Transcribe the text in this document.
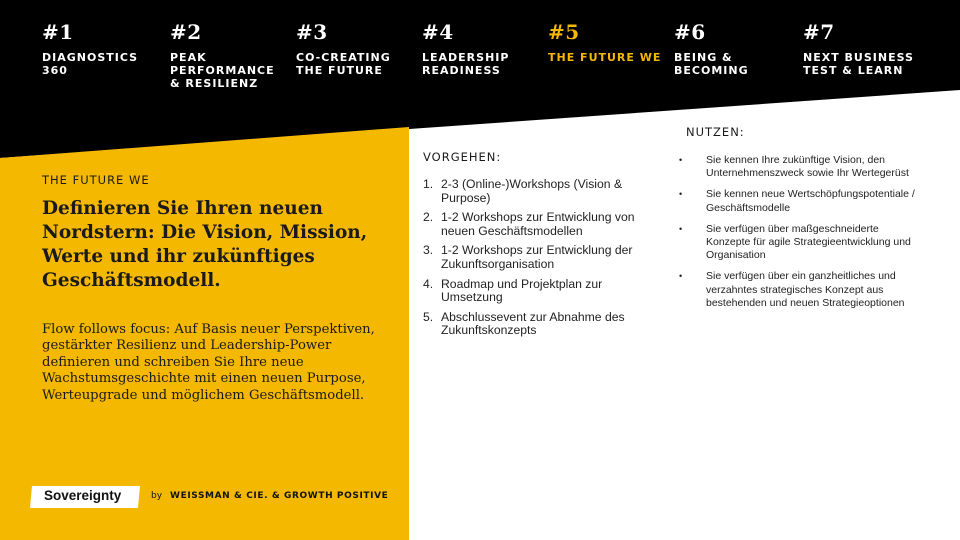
#1
DIAGNOSTICS
360
#2
PEAK
PERFORMANCE
& RESILIENZ
#3
CO-CREATING
THE FUTURE
#4
LEADERSHIP
READINESS
#5
THE FUTURE WE
#6
BEING &
BECOMING
#7
NEXT BUSINESS
TEST & LEARN
THE FUTURE WE
Definieren Sie Ihren neuen Nordstern: Die Vision, Mission, Werte und ihr zukünftiges Geschäftsmodell.
Flow follows focus: Auf Basis neuer Perspektiven, gestärkter Resilienz und Leadership-Power definieren und schreiben Sie Ihre neue Wachstumsgeschichte mit einen neuen Purpose, Werteupgrade und möglichem Geschäftsmodell.
Sovereignty	by WEISSMAN & CIE. & GROWTH POSITIVE
VORGEHEN:
1. 2-3 (Online-)Workshops (Vision & Purpose)
2. 1-2 Workshops zur Entwicklung von neuen Geschäftsmodellen
3. 1-2 Workshops zur Entwicklung der Zukunftsorganisation
4. Roadmap und Projektplan zur Umsetzung
5. Abschlussevent zur Abnahme des Zukunftskonzepts
NUTZEN:
• Sie kennen Ihre zukünftige Vision, den Unternehmenszweck sowie Ihr Wertegerüst
• Sie kennen neue Wertschöpfungspotentiale / Geschäftsmodelle
• Sie verfügen über maßgeschneiderte Konzepte für agile Strategieentwicklung und Organisation
• Sie verfügen über ein ganzheitliches und verzahntes strategisches Konzept aus bestehenden und neuen Strategieoptionen
